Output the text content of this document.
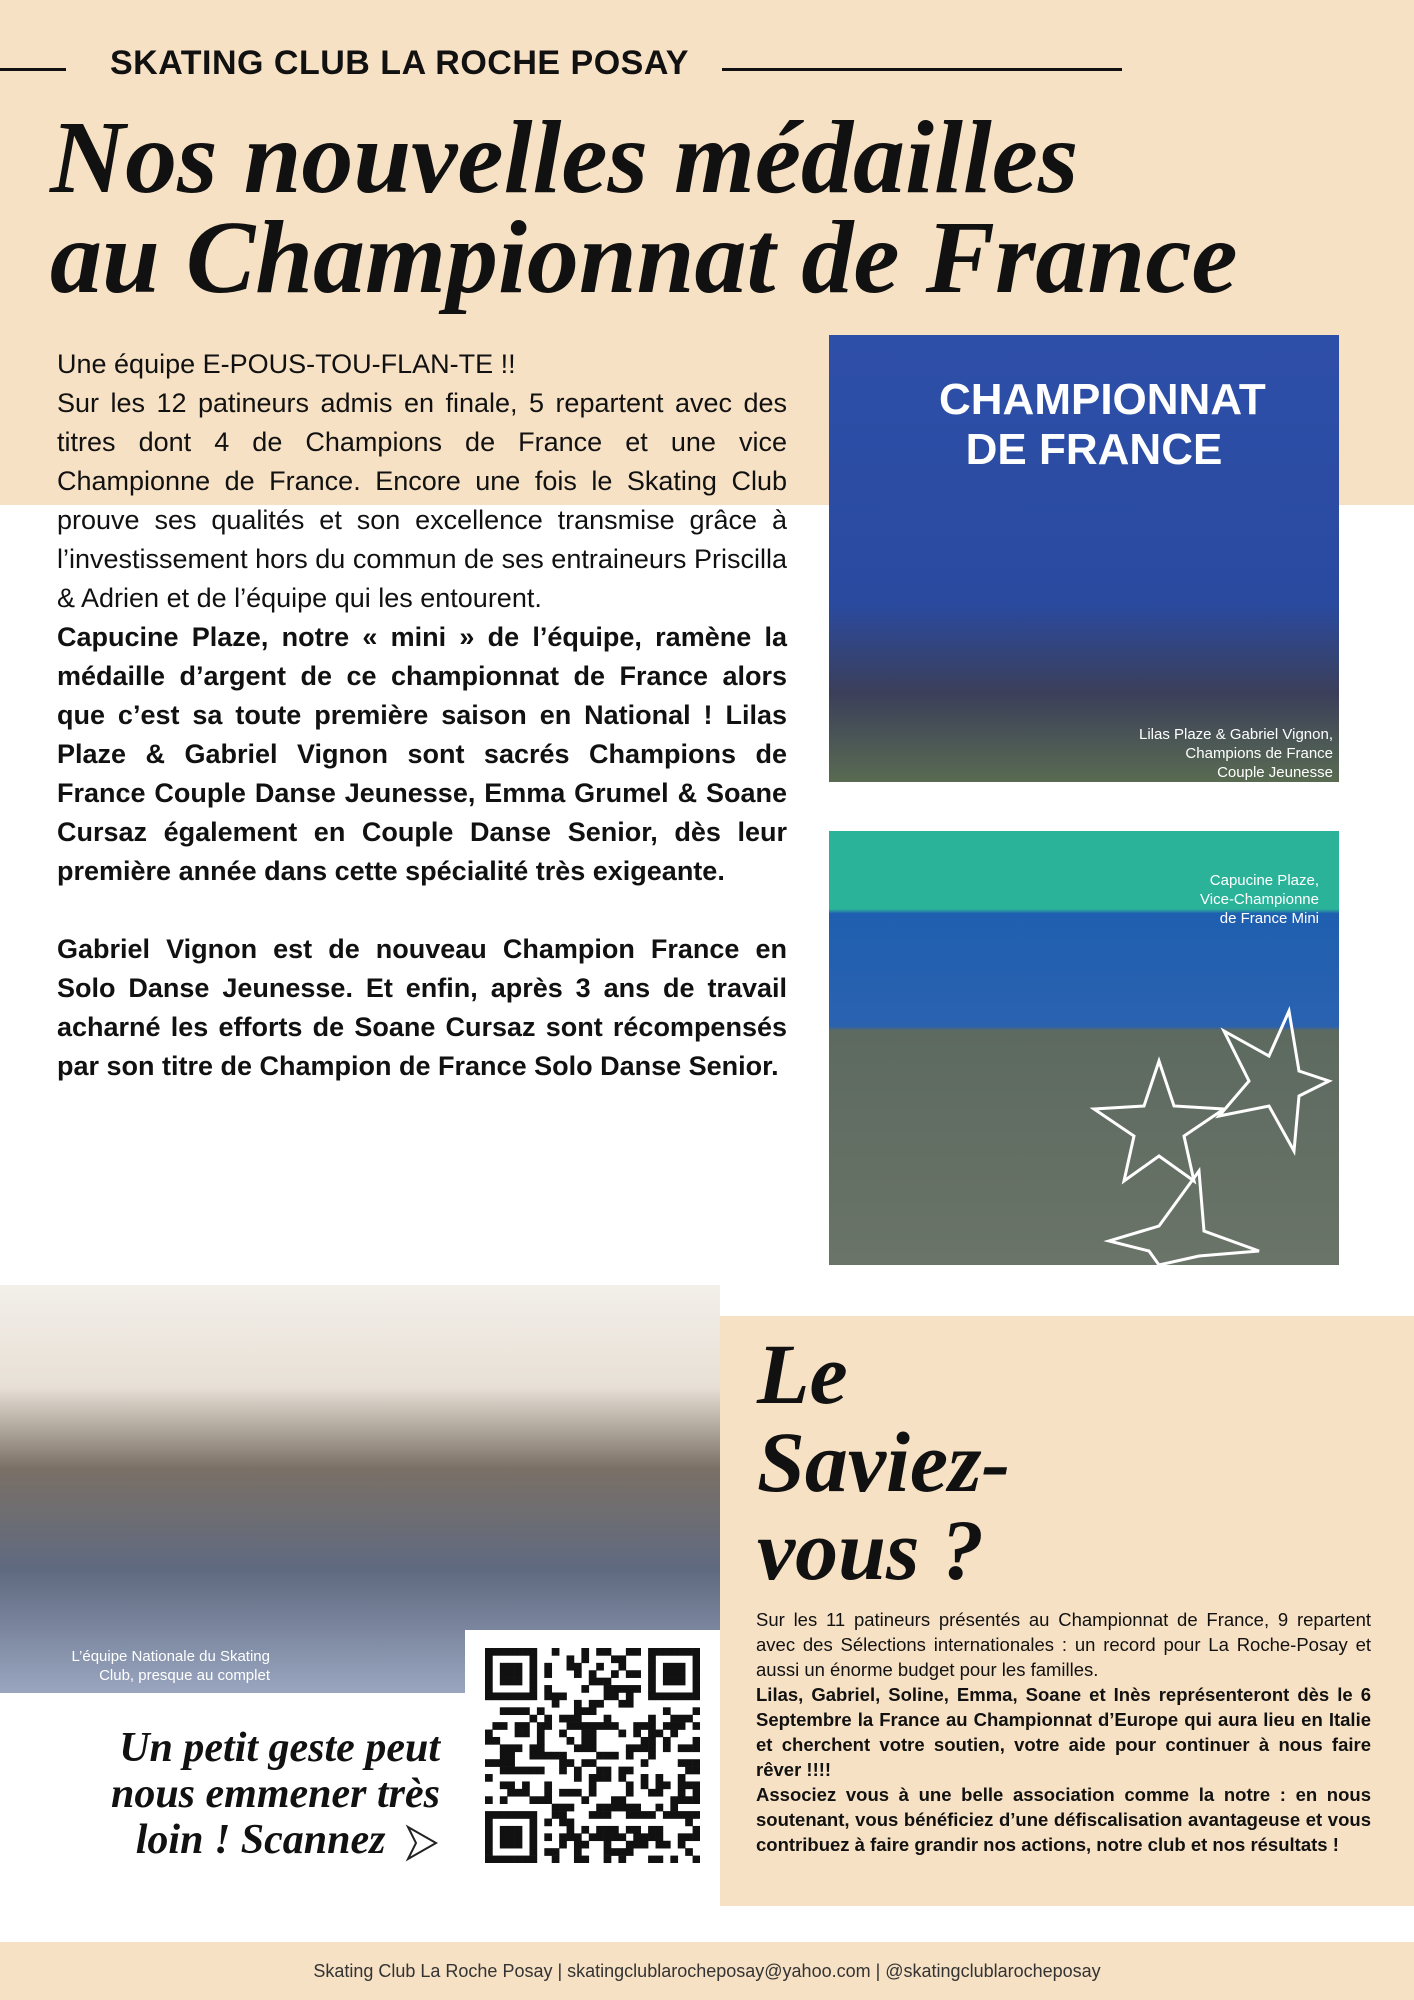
SKATING CLUB LA ROCHE POSAY
Nos nouvelles médailles
au Championnat de France

Une équipe E-POUS-TOU-FLAN-TE !!

Sur les 12 patineurs admis en finale, 5 repartent avec des titres dont 4 de Champions de France et une vice Championne de France. Encore une fois le Skating Club prouve ses qualités et son excellence transmise grâce à l’investissement hors du commun de ses entraineurs Priscilla & Adrien et de l’équipe qui les entourent.

Capucine Plaze, notre « mini » de l’équipe, ramène la médaille d’argent de ce championnat de France alors que c’est sa toute première saison en National ! Lilas Plaze & Gabriel Vignon sont sacrés Champions de France Couple Danse Jeunesse, Emma Grumel & Soane Cursaz également en Couple Danse Senior, dès leur première année dans cette spécialité très exigeante.

Gabriel Vignon est de nouveau Champion France en Solo Danse Jeunesse. Et enfin, après 3 ans de travail acharné les efforts de Soane Cursaz sont récompensés par son titre de Champion de France Solo Danse Senior.

CHAMPIONNAT DE FRANCE
Lilas Plaze & Gabriel Vignon,
Champions de France
Couple Jeunesse
Capucine Plaze,
Vice-Championne
de France Mini
L’équipe Nationale du Skating
Club, presque au complet
Le
Saviez-
vous ?

Sur les 11 patineurs présentés au Championnat de France, 9 repartent avec des Sélections internationales : un record pour La Roche-Posay et aussi un énorme budget pour les familles.

Lilas, Gabriel, Soline, Emma, Soane et Inès représenteront dès le 6 Septembre la France au Championnat d’Europe qui aura lieu en Italie et cherchent votre soutien, votre aide pour continuer à nous faire rêver !!!!

Associez vous à une belle association comme la notre : en nous soutenant, vous bénéficiez d’une défiscalisation avantageuse et vous contribuez à faire grandir nos actions, notre club et nos résultats !

Un petit geste peut
nous emmener très
loin ! Scannez
Skating Club La Roche Posay | skatingclublarocheposay@yahoo.com | @skatingclublarocheposay
